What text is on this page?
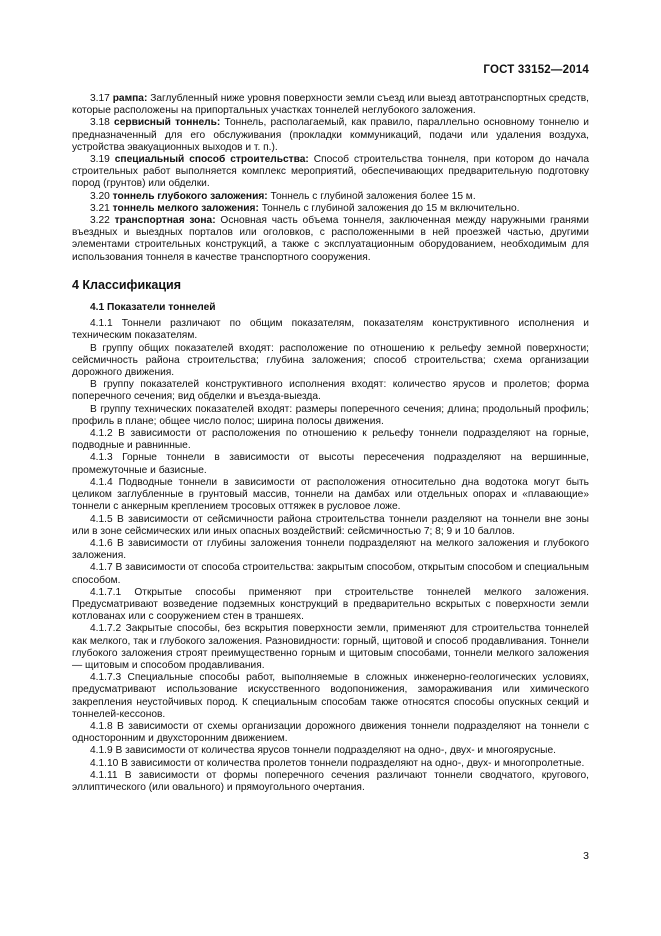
ГОСТ 33152—2014

3.17 рампа: Заглубленный ниже уровня поверхности земли съезд или выезд автотранспортных средств, которые расположены на припортальных участках тоннелей неглубокого заложения.

3.18 сервисный тоннель: Тоннель, располагаемый, как правило, параллельно основному тоннелю и предназначенный для его обслуживания (прокладки коммуникаций, подачи или удаления воздуха, устройства эвакуационных выходов и т. п.).

3.19 специальный способ строительства: Способ строительства тоннеля, при котором до начала строительных работ выполняется комплекс мероприятий, обеспечивающих предварительную подготовку пород (грунтов) или обделки.

3.20 тоннель глубокого заложения: Тоннель с глубиной заложения более 15 м.

3.21 тоннель мелкого заложения: Тоннель с глубиной заложения до 15 м включительно.

3.22 транспортная зона: Основная часть объема тоннеля, заключенная между наружными гранями въездных и выездных порталов или оголовков, с расположенными в ней проезжей частью, другими элементами строительных конструкций, а также с эксплуатационным оборудованием, необходимым для использования тоннеля в качестве транспортного сооружения.

4 Классификация
4.1 Показатели тоннелей

4.1.1 Тоннели различают по общим показателям, показателям конструктивного исполнения и техническим показателям.

В группу общих показателей входят: расположение по отношению к рельефу земной поверхности; сейсмичность района строительства; глубина заложения; способ строительства; схема организации дорожного движения.

В группу показателей конструктивного исполнения входят: количество ярусов и пролетов; форма поперечного сечения; вид обделки и въезда-выезда.

В группу технических показателей входят: размеры поперечного сечения; длина; продольный профиль; профиль в плане; общее число полос; ширина полосы движения.

4.1.2 В зависимости от расположения по отношению к рельефу тоннели подразделяют на горные, подводные и равнинные.

4.1.3 Горные тоннели в зависимости от высоты пересечения подразделяют на вершинные, промежуточные и базисные.

4.1.4 Подводные тоннели в зависимости от расположения относительно дна водотока могут быть целиком заглубленные в грунтовый массив, тоннели на дамбах или отдельных опорах и «плавающие» тоннели с анкерным креплением тросовых оттяжек в русловое ложе.

4.1.5 В зависимости от сейсмичности района строительства тоннели разделяют на тоннели вне зоны или в зоне сейсмических или иных опасных воздействий: сейсмичностью 7; 8; 9 и 10 баллов.

4.1.6 В зависимости от глубины заложения тоннели подразделяют на мелкого заложения и глубокого заложения.

4.1.7 В зависимости от способа строительства: закрытым способом, открытым способом и специальным способом.

4.1.7.1 Открытые способы применяют при строительстве тоннелей мелкого заложения. Предусматривают возведение подземных конструкций в предварительно вскрытых с поверхности земли котлованах или с сооружением стен в траншеях.

4.1.7.2 Закрытые способы, без вскрытия поверхности земли, применяют для строительства тоннелей как мелкого, так и глубокого заложения. Разновидности: горный, щитовой и способ продавливания. Тоннели глубокого заложения строят преимущественно горным и щитовым способами, тоннели мелкого заложения — щитовым и способом продавливания.

4.1.7.3 Специальные способы работ, выполняемые в сложных инженерно-геологических условиях, предусматривают использование искусственного водопонижения, замораживания или химического закрепления неустойчивых пород. К специальным способам также относятся способы опускных секций и тоннелей-кессонов.

4.1.8 В зависимости от схемы организации дорожного движения тоннели подразделяют на тоннели с односторонним и двухсторонним движением.

4.1.9 В зависимости от количества ярусов тоннели подразделяют на одно-, двух- и многоярусные.

4.1.10 В зависимости от количества пролетов тоннели подразделяют на одно-, двух- и многопролетные.

4.1.11 В зависимости от формы поперечного сечения различают тоннели сводчатого, кругового, эллиптического (или овального) и прямоугольного очертания.

3
